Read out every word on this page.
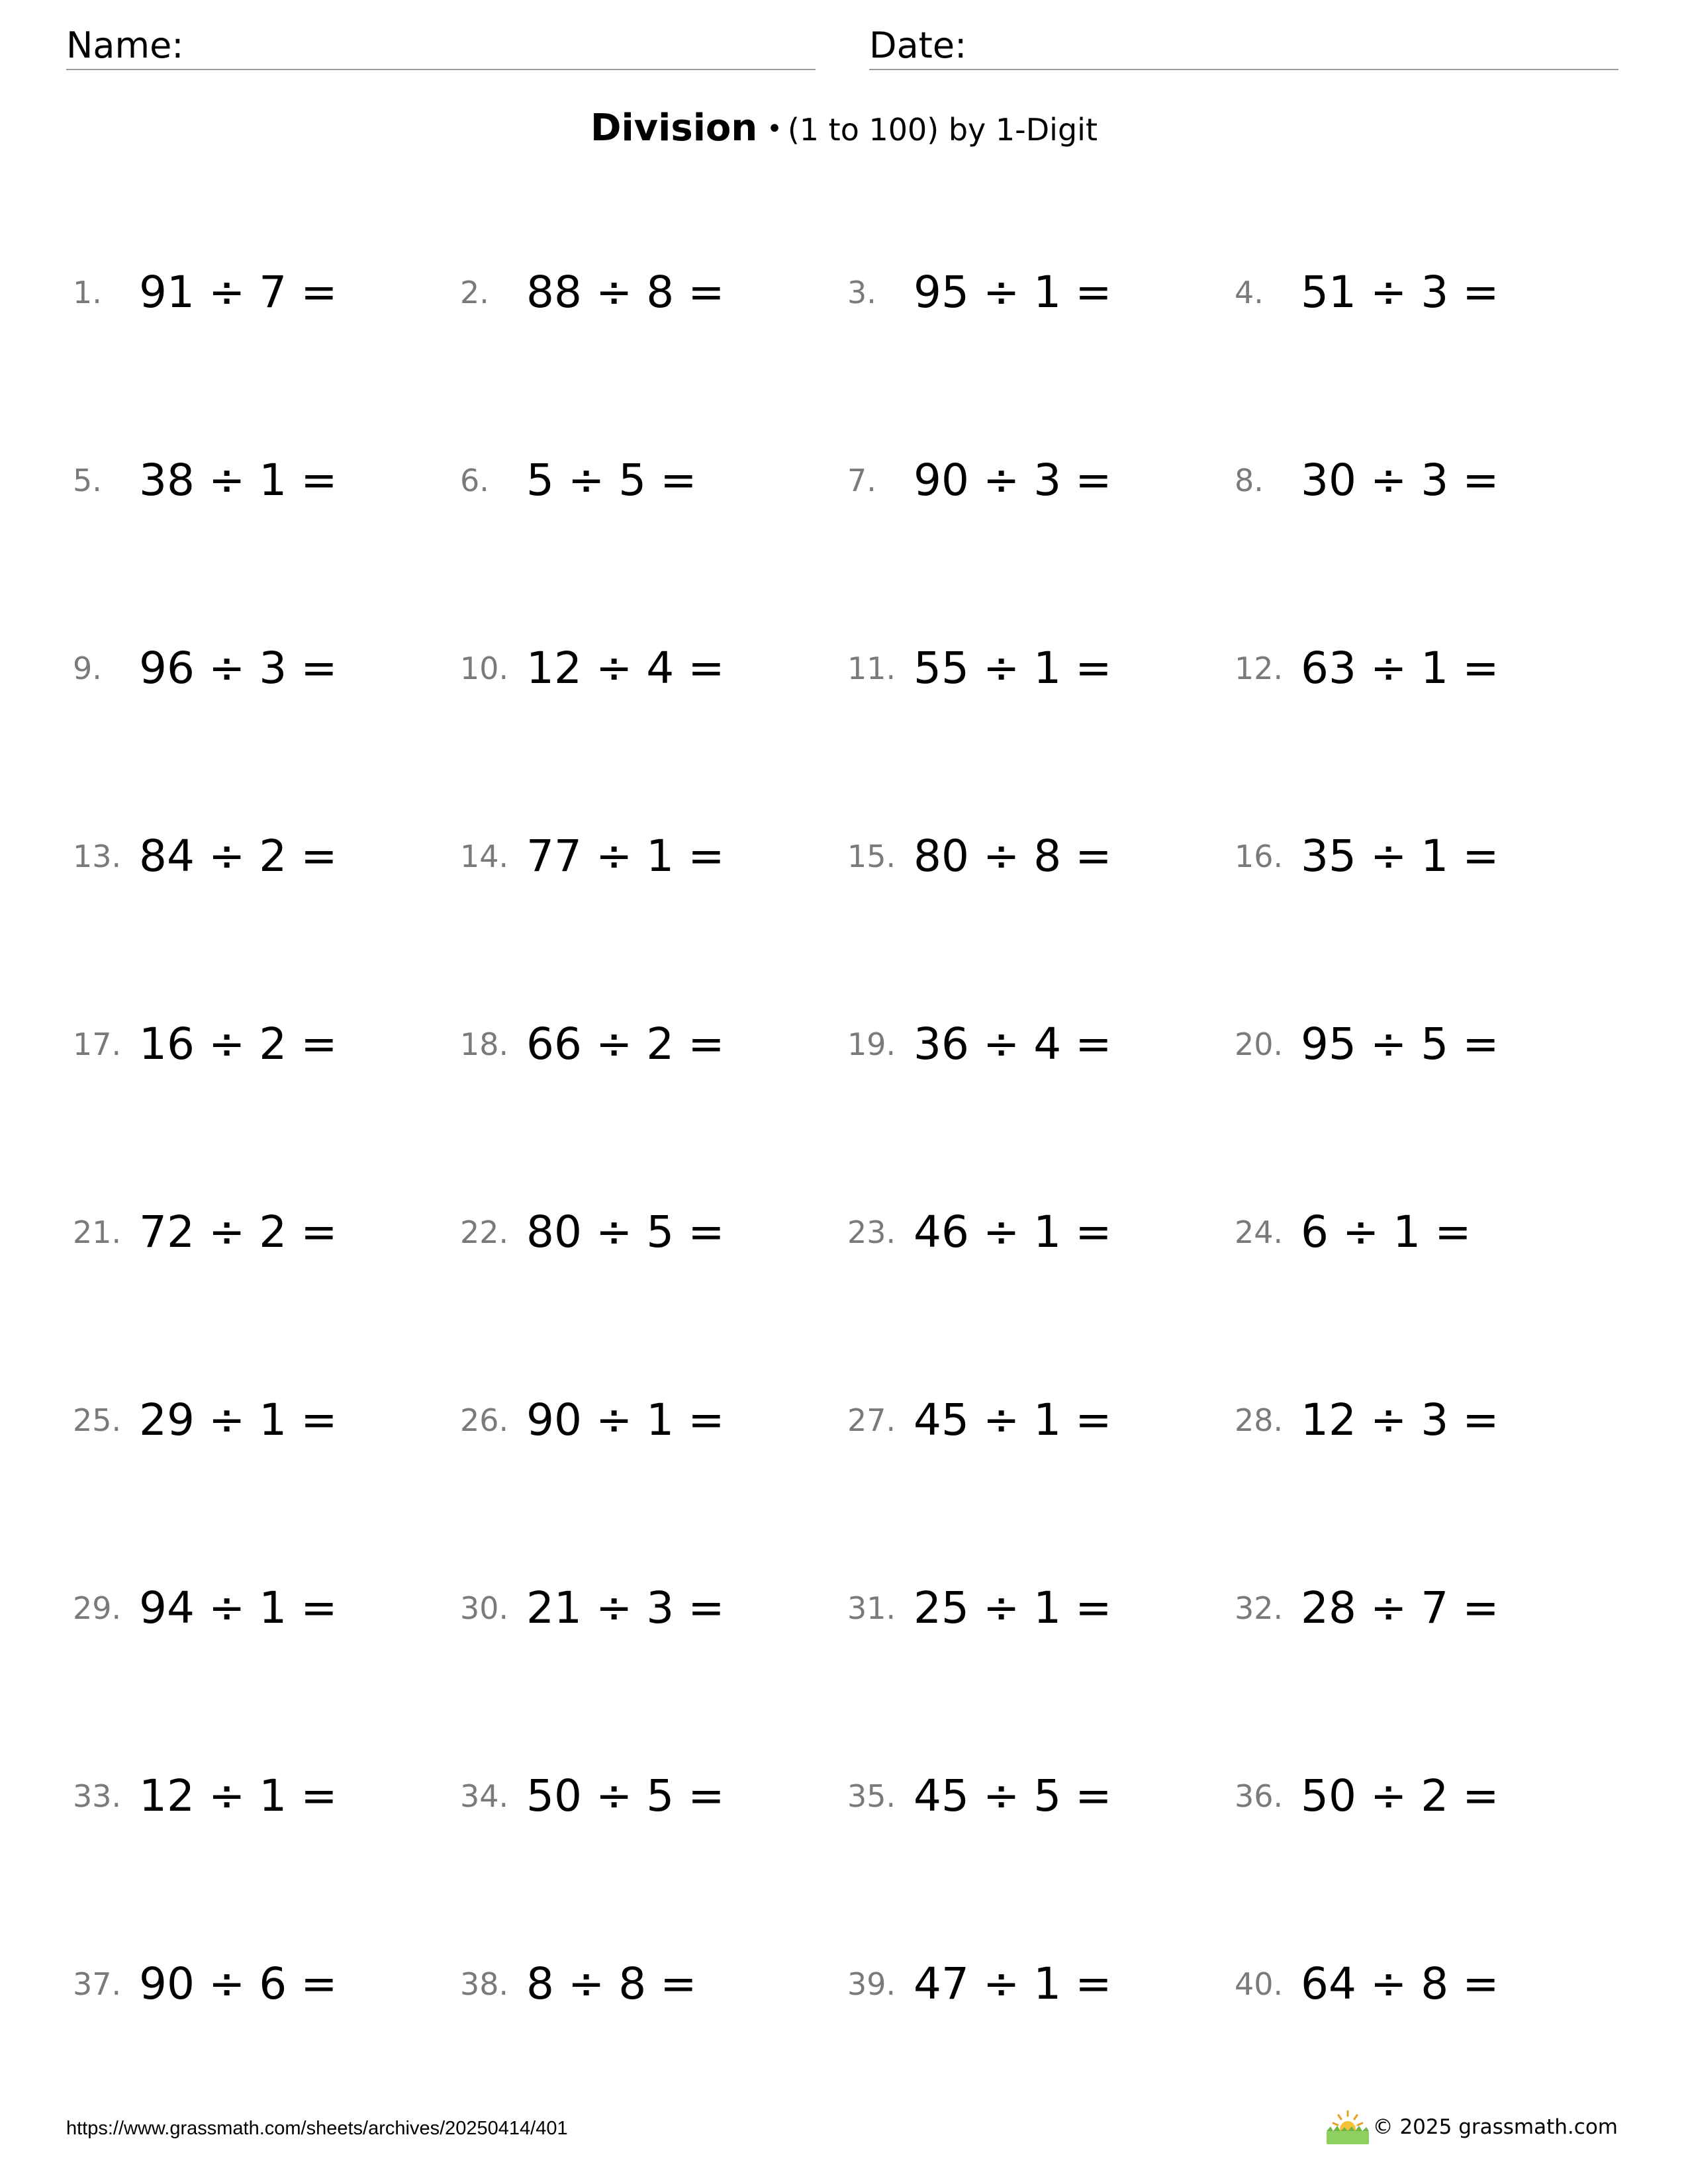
Name:	Date:
Division • (1 to 100) by 1-Digit
1. 91 ÷ 7 =	2. 88 ÷ 8 =	3. 95 ÷ 1 =	4. 51 ÷ 3 =
5. 38 ÷ 1 =	6. 5 ÷ 5 =	7. 90 ÷ 3 =	8. 30 ÷ 3 =
9. 96 ÷ 3 =	10. 12 ÷ 4 =	11. 55 ÷ 1 =	12. 63 ÷ 1 =
13. 84 ÷ 2 =	14. 77 ÷ 1 =	15. 80 ÷ 8 =	16. 35 ÷ 1 =
17. 16 ÷ 2 =	18. 66 ÷ 2 =	19. 36 ÷ 4 =	20. 95 ÷ 5 =
21. 72 ÷ 2 =	22. 80 ÷ 5 =	23. 46 ÷ 1 =	24. 6 ÷ 1 =
25. 29 ÷ 1 =	26. 90 ÷ 1 =	27. 45 ÷ 1 =	28. 12 ÷ 3 =
29. 94 ÷ 1 =	30. 21 ÷ 3 =	31. 25 ÷ 1 =	32. 28 ÷ 7 =
33. 12 ÷ 1 =	34. 50 ÷ 5 =	35. 45 ÷ 5 =	36. 50 ÷ 2 =
37. 90 ÷ 6 =	38. 8 ÷ 8 =	39. 47 ÷ 1 =	40. 64 ÷ 8 =
https://www.grassmath.com/sheets/archives/20250414/401	© 2025 grassmath.com
